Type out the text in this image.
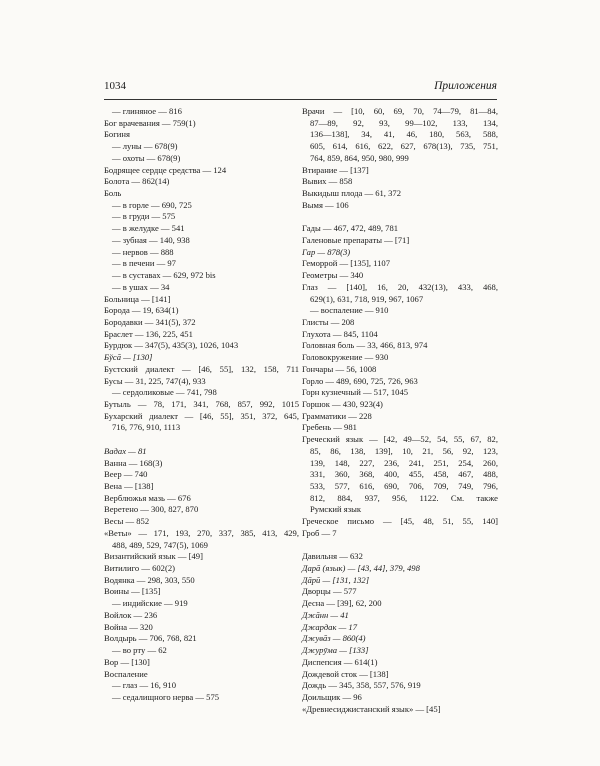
1034	Приложения
— глиняное — 816
Бог врачевания — 759(1)
Богиня
— луны — 678(9)
— охоты — 678(9)
Бодрящее сердце средства — 124
Болота — 862(14)
Боль
— в горле — 690, 725
— в груди — 575
— в желудке — 541
— зубная — 140, 938
— нервов — 888
— в печени — 97
— в суставах — 629, 972 bis
— в ушах — 34
Больница — [141]
Борода — 19, 634(1)
Бородавки — 341(5), 372
Браслет — 136, 225, 451
Бурдюк — 347(5), 435(3), 1026, 1043
Бўсā — [130]
Бустский диалект — [46, 55], 132, 158, 711
Бусы — 31, 225, 747(4), 933
— сердоликовые — 741, 798
Бутыль — 78, 171, 341, 768, 857, 992, 1015
Бухарский диалект — [46, 55], 351, 372, 645,
716, 776, 910, 1113
Вадах — 81
Ванна — 168(3)
Веер — 740
Вена — [138]
Верблюжья мазь — 676
Веретено — 300, 827, 870
Весы — 852
«Веты» — 171, 193, 270, 337, 385, 413, 429,
488, 489, 529, 747(5), 1069
Византийский язык — [49]
Витилиго — 602(2)
Водянка — 298, 303, 550
Воины — [135]
— индийские — 919
Войлок — 236
Война — 320
Волдырь — 706, 768, 821
— во рту — 62
Вор — [130]
Воспаление
— глаз — 16, 910
— седалищного нерва — 575
Врачи — [10, 60, 69, 70, 74—79, 81—84,
87—89, 92, 93, 99—102, 133, 134,
136—138], 34, 41, 46, 180, 563, 588,
605, 614, 616, 622, 627, 678(13), 735, 751,
764, 859, 864, 950, 980, 999
Втирание — [137]
Вывих — 858
Выкидыш плода — 61, 372
Вымя — 106
Гады — 467, 472, 489, 781
Галеновые препараты — [71]
Гар — 878(3)
Геморрой — [135], 1107
Геометры — 340
Глаз — [140], 16, 20, 432(13), 433, 468,
629(1), 631, 718, 919, 967, 1067
— воспаление — 910
Глисты — 208
Глухота — 845, 1104
Головная боль — 33, 466, 813, 974
Головокружение — 930
Гончары — 56, 1008
Горло — 489, 690, 725, 726, 963
Горн кузнечный — 517, 1045
Горшок — 430, 923(4)
Грамматики — 228
Гребень — 981
Греческий язык — [42, 49—52, 54, 55, 67, 82,
85, 86, 138, 139], 10, 21, 56, 92, 123,
139, 148, 227, 236, 241, 251, 254, 260,
331, 360, 368, 400, 455, 458, 467, 488,
533, 577, 616, 690, 706, 709, 749, 796,
812, 884, 937, 956, 1122. См. также
Румский язык
Греческое письмо — [45, 48, 51, 55, 140]
Гроб — 7
Давильня — 632
Дарā (язык) — [43, 44], 379, 498
Дāрӣ — [131, 132]
Дворцы — 577
Десна — [39], 62, 200
Джāнн — 41
Джардак — 17
Джувāз — 860(4)
Джурӯма — [133]
Диспепсия — 614(1)
Дождевой сток — [138]
Дождь — 345, 358, 557, 576, 919
Доильщик — 96
«Древнесиджистанский язык» — [45]
